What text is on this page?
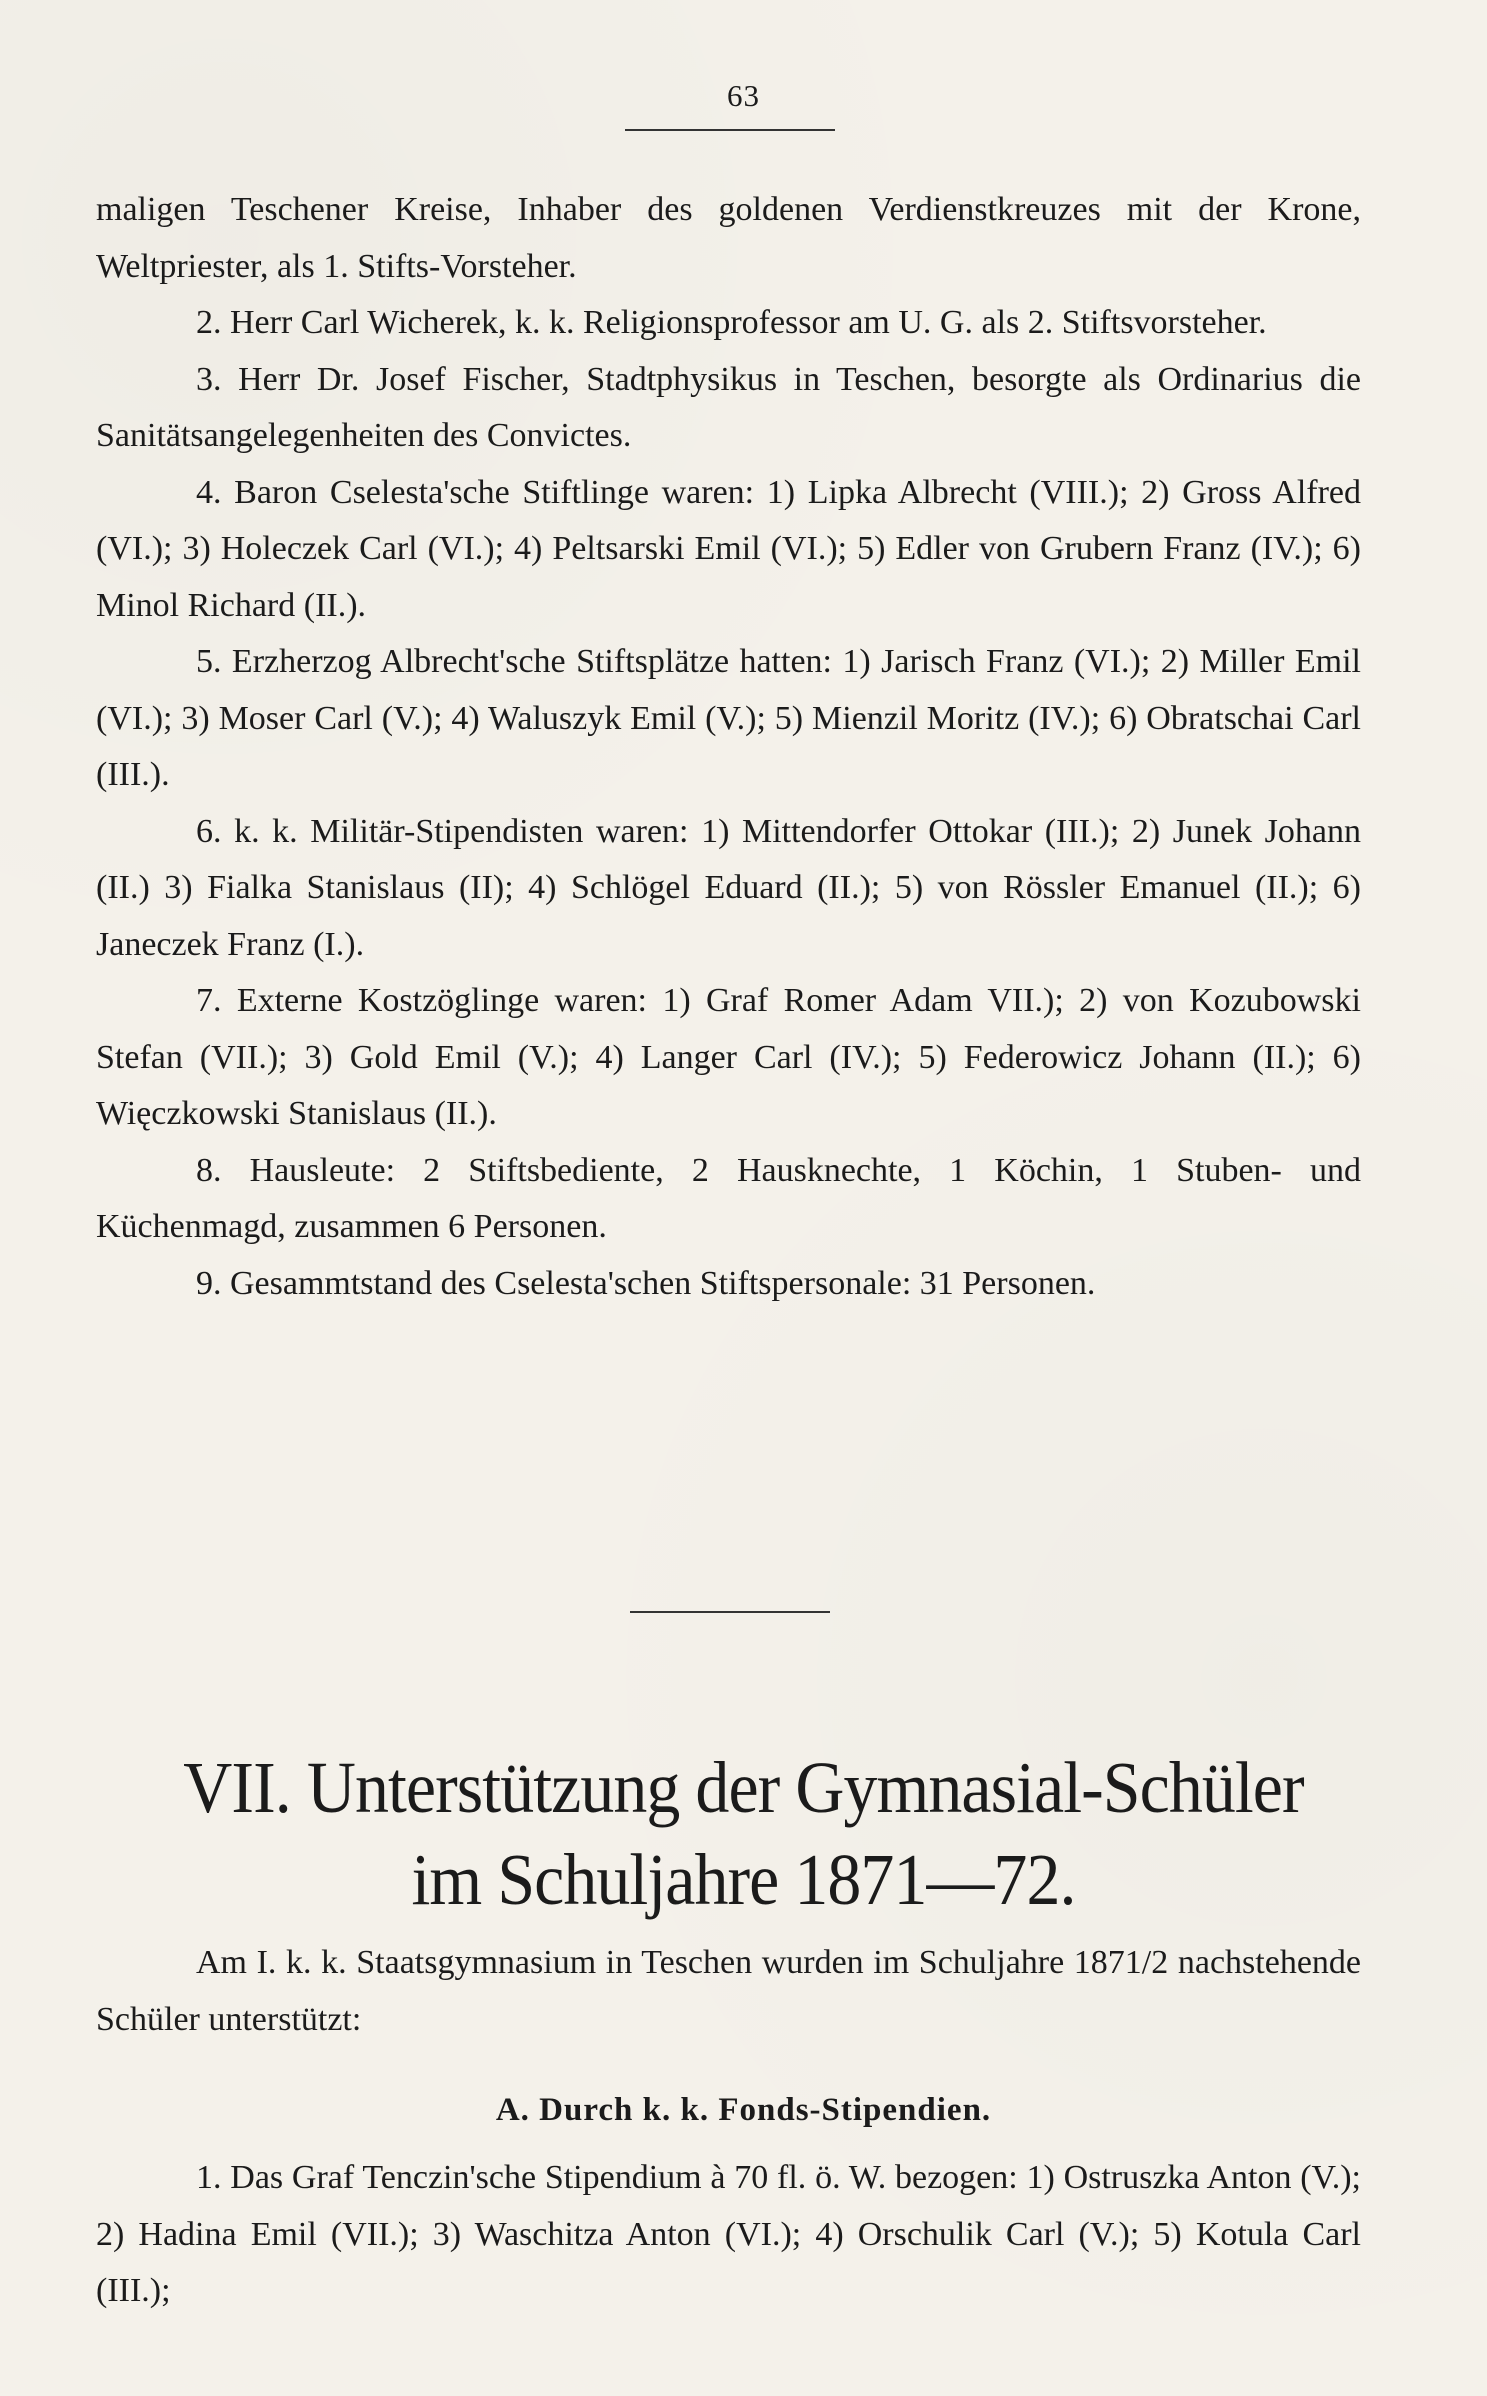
63

maligen Teschener Kreise, Inhaber des goldenen Verdienstkreuzes mit der Krone, Weltpriester, als 1. Stifts-Vorsteher.

2. Herr Carl Wicherek, k. k. Religionsprofessor am U. G. als 2. Stiftsvorsteher.

3. Herr Dr. Josef Fischer, Stadtphysikus in Teschen, besorgte als Ordinarius die Sanitätsangelegenheiten des Convictes.

4. Baron Cselesta'sche Stiftlinge waren: 1) Lipka Albrecht (VIII.); 2) Gross Alfred (VI.); 3) Holeczek Carl (VI.); 4) Peltsarski Emil (VI.); 5) Edler von Grubern Franz (IV.); 6) Minol Richard (II.).

5. Erzherzog Albrecht'sche Stiftsplätze hatten: 1) Jarisch Franz (VI.); 2) Miller Emil (VI.); 3) Moser Carl (V.); 4) Waluszyk Emil (V.); 5) Mienzil Moritz (IV.); 6) Obratschai Carl (III.).

6. k. k. Militär-Stipendisten waren: 1) Mittendorfer Ottokar (III.); 2) Junek Johann (II.) 3) Fialka Stanislaus (II); 4) Schlögel Eduard (II.); 5) von Rössler Emanuel (II.); 6) Janeczek Franz (I.).

7. Externe Kostzöglinge waren: 1) Graf Romer Adam VII.); 2) von Kozubowski Stefan (VII.); 3) Gold Emil (V.); 4) Langer Carl (IV.); 5) Federowicz Johann (II.); 6) Więczkowski Stanislaus (II.).

8. Hausleute: 2 Stiftsbediente, 2 Hausknechte, 1 Köchin, 1 Stuben- und Küchenmagd, zusammen 6 Personen.

9. Gesammtstand des Cselesta'schen Stiftspersonale: 31 Personen.

VII. Unterstützung der Gymnasial-Schüler
im Schuljahre 1871—72.

Am I. k. k. Staatsgymnasium in Teschen wurden im Schuljahre 1871/2 nachstehende Schüler unterstützt:

A. Durch k. k. Fonds-Stipendien.

1. Das Graf Tenczin'sche Stipendium à 70 fl. ö. W. bezogen: 1) Ostruszka Anton (V.); 2) Hadina Emil (VII.); 3) Waschitza Anton (VI.); 4) Orschulik Carl (V.); 5) Kotula Carl (III.);
